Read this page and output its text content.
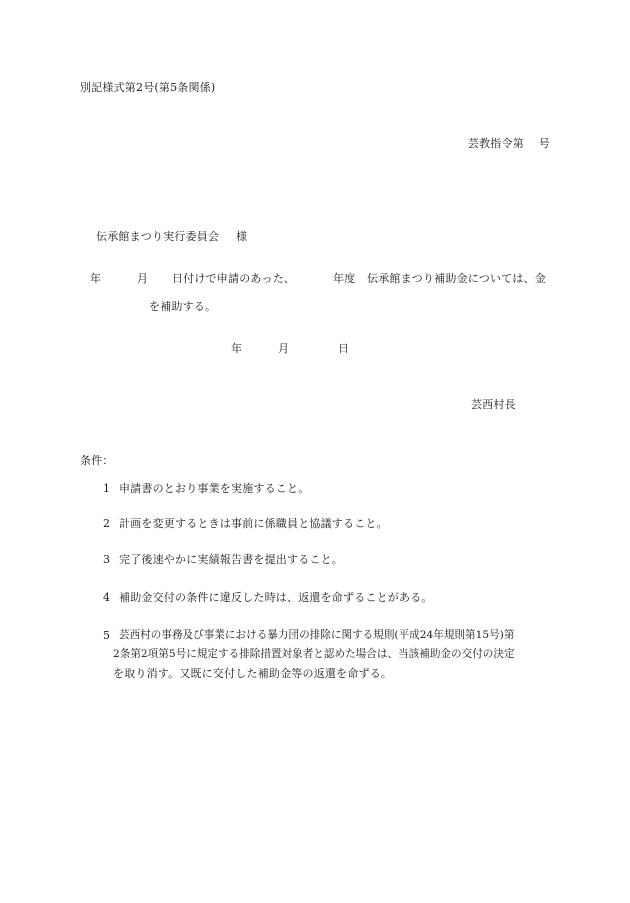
別記様式第2号(第5条関係)
芸教指令第　 号
伝承館まつり実行委員会 様
年	月 日付けで申請のあった、	年度 伝承館まつり補助金については、金
を補助する。
年	月	日
芸西村長
条件：
1 申請書のとおり事業を実施すること。
2 計画を変更するときは事前に係職員と協議すること。
3 完了後速やかに実績報告書を提出すること。
4 補助金交付の条件に違反した時は、返還を命ずることがある。
5 芸西村の事務及び事業における暴力団の排除に関する規則(平成24年規則第15号)第
2条第2項第5号に規定する排除措置対象者と認めた場合は、当該補助金の交付の決定
を取り消す。又既に交付した補助金等の返還を命ずる。
